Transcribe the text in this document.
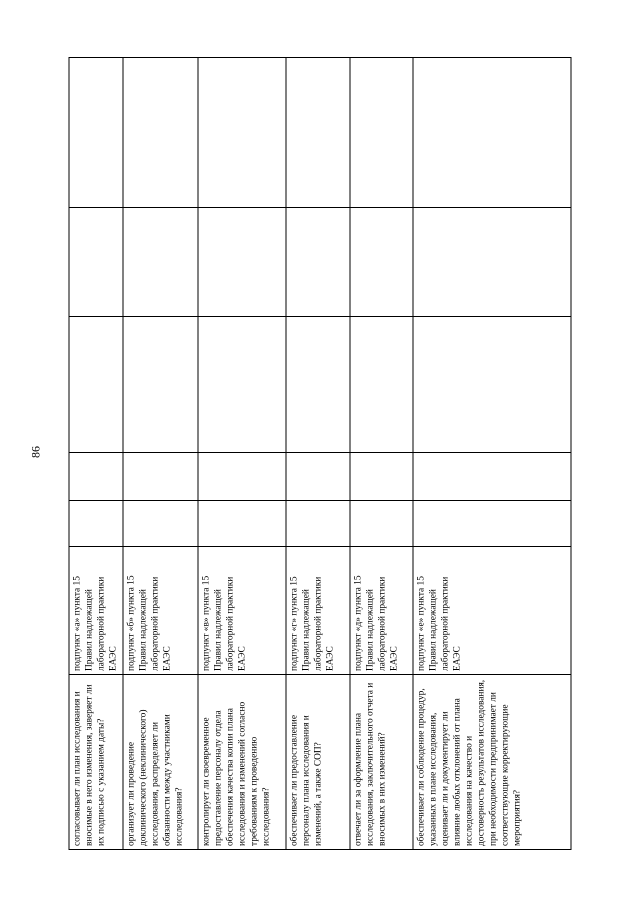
86
согласовывает ли план исследования и вносимые в него изменения, заверяет ли их подписью с указанием даты?	подпункт «а» пункта 15 Правил надлежащей лабораторной практики ЕАЭС					
организует ли проведение доклинического (неклинического) исследования, распределяет ли обязанности между участниками исследования?	подпункт «б» пункта 15 Правил надлежащей лабораторной практики ЕАЭС					
контролирует ли своевременное предоставление персоналу отдела обеспечения качества копии плана исследования и изменений согласно требованиям к проведению исследования?	подпункт «в» пункта 15 Правил надлежащей лабораторной практики ЕАЭС					
обеспечивает ли предоставление персоналу плана исследования и изменений, а также СОП?	подпункт «г» пункта 15 Правил надлежащей лабораторной практики ЕАЭС					
отвечает ли за оформление плана исследования, заключительного отчета и вносимых в них изменений?	подпункт «д» пункта 15 Правил надлежащей лабораторной практики ЕАЭС					
обеспечивает ли соблюдение процедур, указанных в плане исследования, оценивает ли и документирует ли влияние любых отклонений от плана исследования на качество и достоверность результатов исследования, при необходимости предпринимает ли соответствующие корректирующие мероприятия?	подпункт «е» пункта 15 Правил надлежащей лабораторной практики ЕАЭС					
